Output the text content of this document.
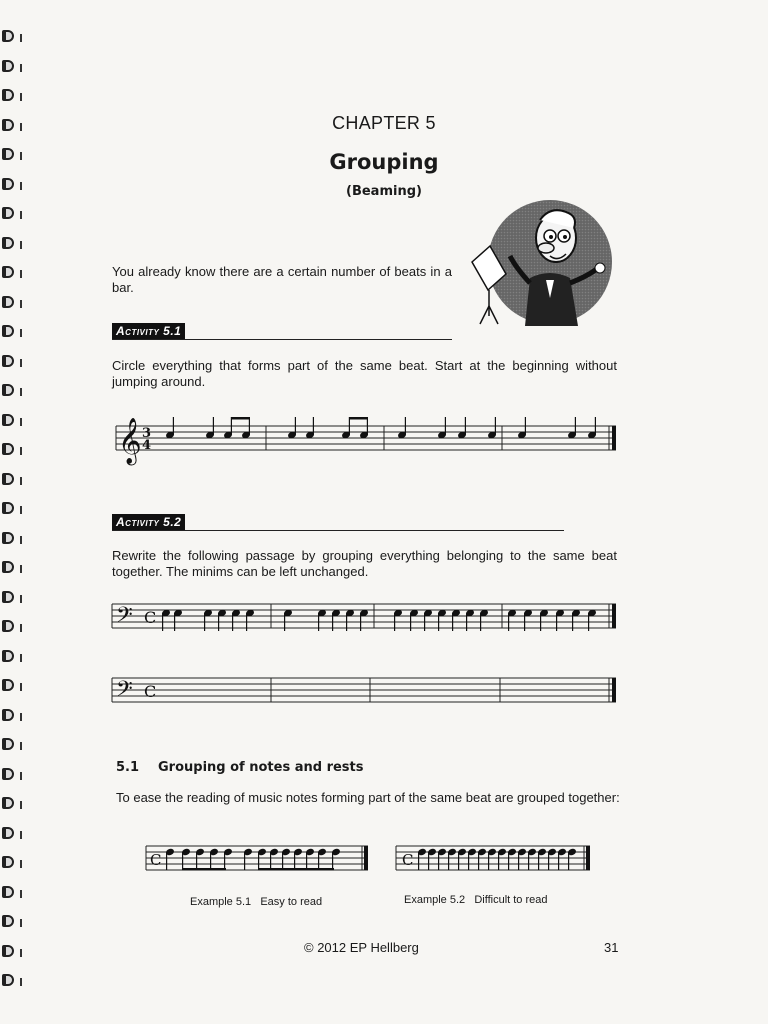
CHAPTER 5
Grouping
(Beaming)
You already know there are a certain number of beats in a bar.
Activity 5.1
Circle everything that forms part of the same beat. Start at the beginning without jumping around.
𝄞 3
4
Activity 5.2
Rewrite the following passage by grouping everything belonging to the same beat together. The minims can be left unchanged.
𝄢 C
𝄢 C
5.1 Grouping of notes and rests
To ease the reading of music notes forming part of the same beat are grouped together:
C	C
Example 5.1 Easy to read	Example 5.2 Difficult to read
© 2012 EP Hellberg	31
